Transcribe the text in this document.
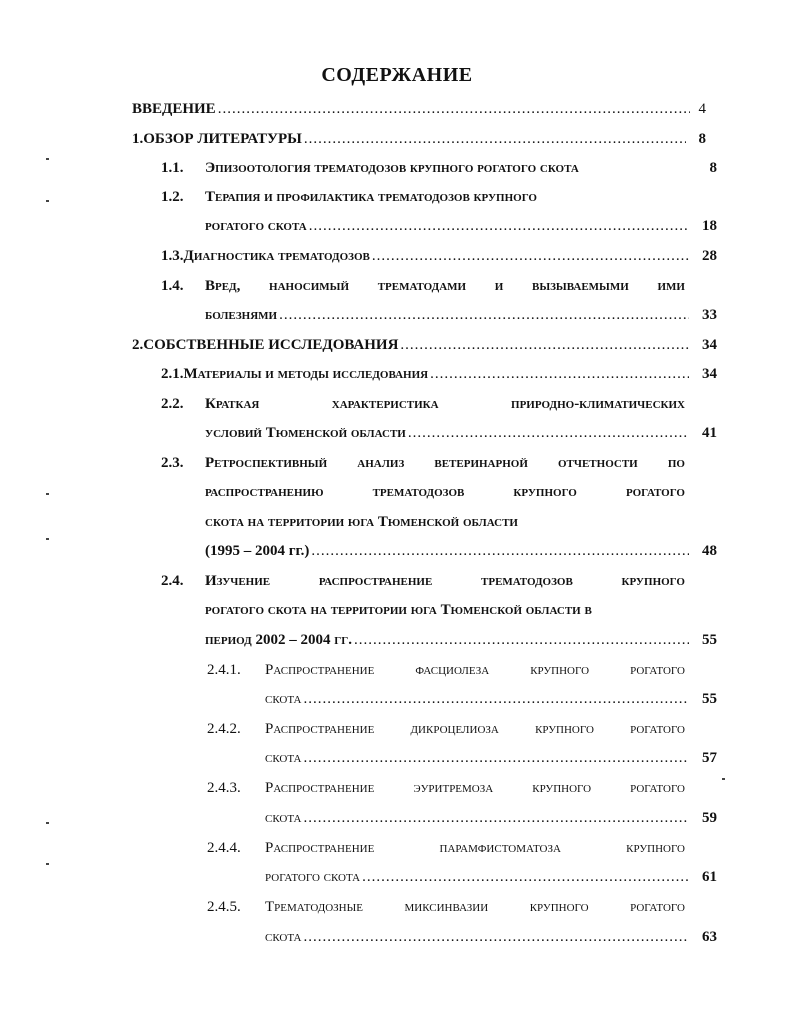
СОДЕРЖАНИЕ
ВВЕДЕНИЕ .....	4
1. ОБЗОР ЛИТЕРАТУРЫ .....	8
1.1.	Эпизоотология трематодозов крупного рогатого скота	8
1.2.	Терапия и профилактика трематодозов крупного
рогатого скота .....	18
1.3. Диагностика трематодозов .....	28
1.4.	Вред, наносимый трематодами и вызываемыми ими
болезнями .....	33
2. СОБСТВЕННЫЕ ИССЛЕДОВАНИЯ .....	34
2.1. Материалы и методы исследования .....	34
2.2.	Краткая	характеристика	природно-климатических
условий Тюменской области .....	41
2.3.	Ретроспективный анализ ветеринарной отчетности по
распространению	трематодозов	крупного	рогатого
скота на территории юга Тюменской области
(1995 – 2004 гг.) .....	48
2.4.	Изучение	распространение	трематодозов	крупного
рогатого скота на территории юга Тюменской области в
период 2002 – 2004 гг. .....	55
2.4.1.	Распространение	фасциолеза	крупного	рогатого
скота .....	55
2.4.2.	Распространение дикроцелиоза крупного рогатого
скота .....	57
2.4.3.	Распространение	эуритремоза	крупного	рогатого
скота .....	59
2.4.4.	Распространение	парамфистоматоза	крупного
рогатого скота .....	61
2.4.5.	Трематодозные	миксинвазии	крупного	рогатого
скота .....	63
